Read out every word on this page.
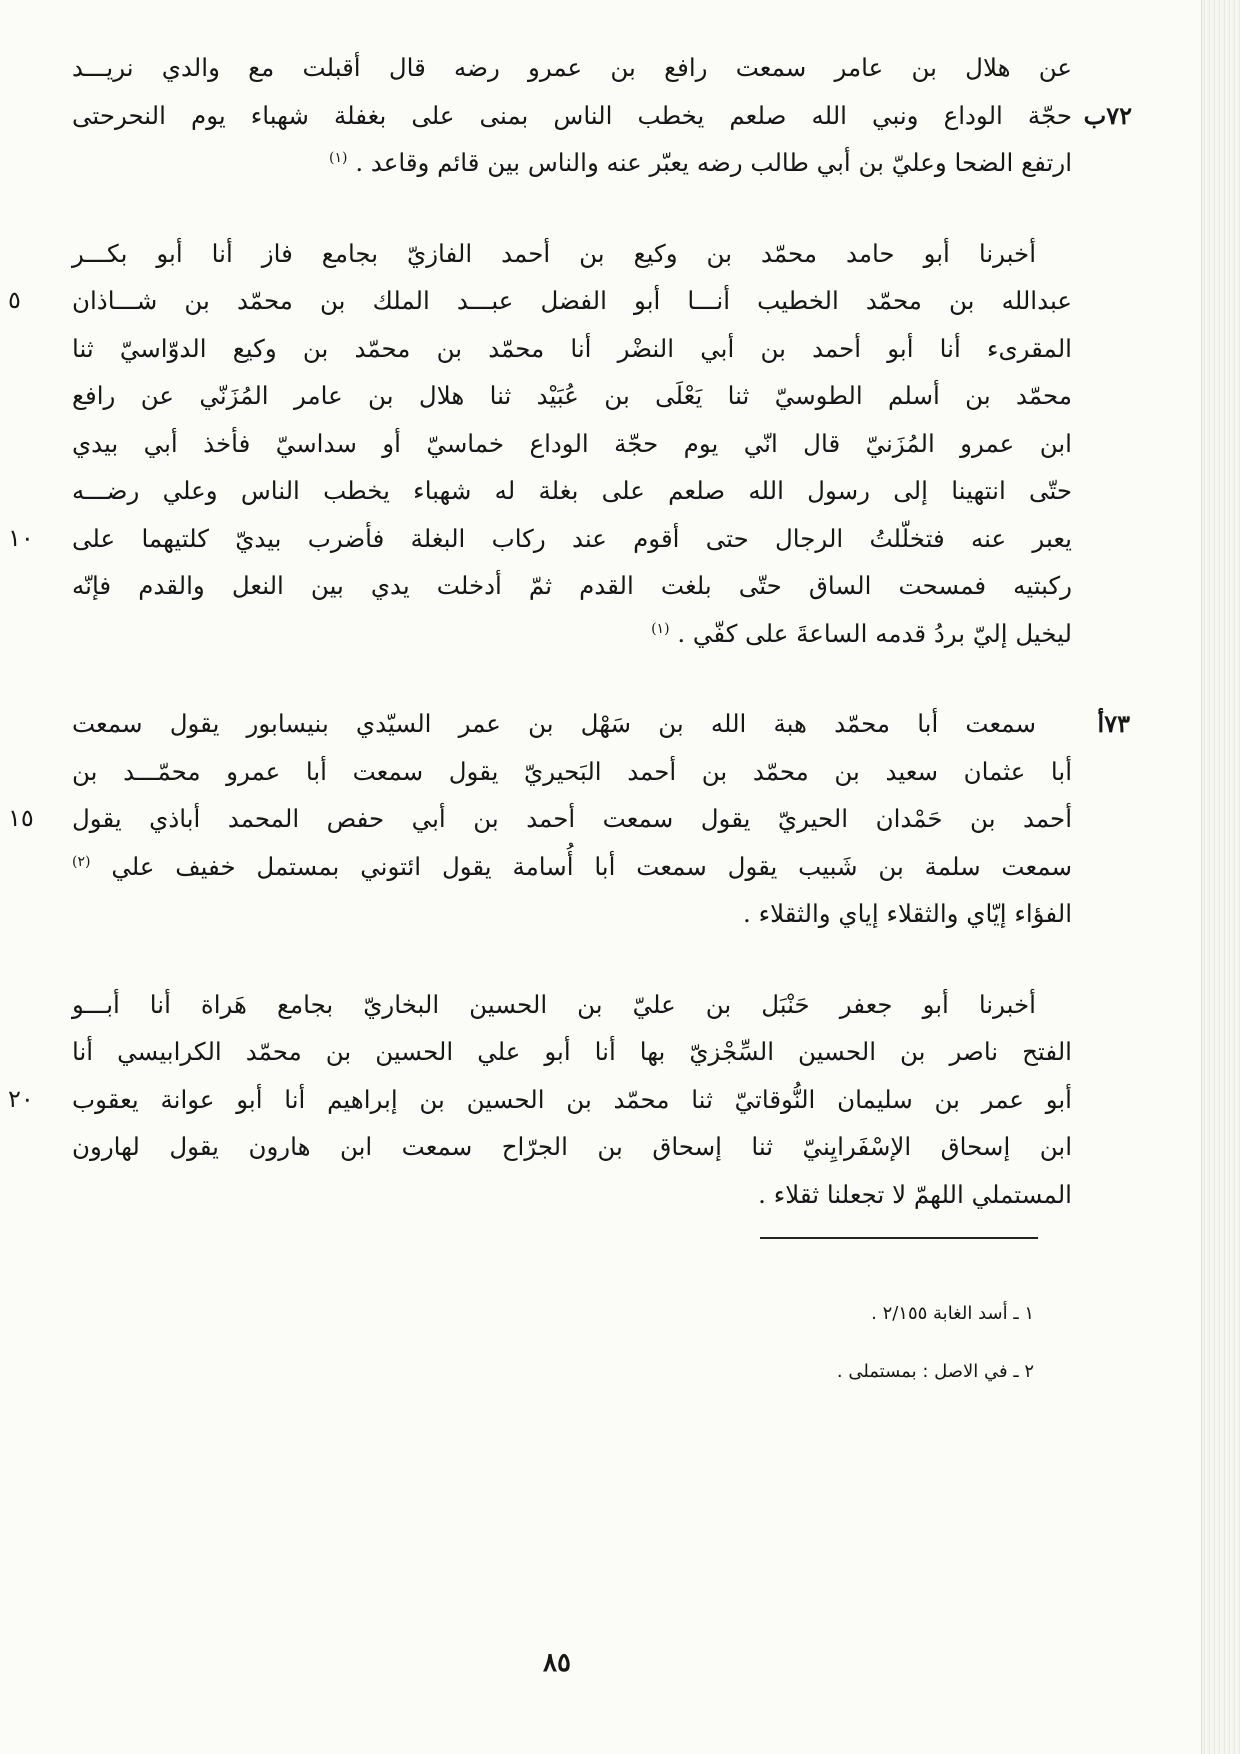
عن هلال بن عامر سمعت رافع بن عمرو رضه قال أقبلت مع والدي نريـــد
٧٢ب
حجّة الوداع ونبي الله صلعم يخطب الناس بمنى على بغفلة شهباء يوم النحرحتى
ارتفع الضحا وعليّ بن أبي طالب رضه يعبّر عنه والناس بين قائم وقاعد . $^{(١)}$
أخبرنا أبو حامد محمّد بن وكيع بن أحمد الفازيّ بجامع فاز أنا أبو بكـــر
عبدالله بن محمّد الخطيب أنـــا أبو الفضل عبـــد الملك بن محمّد بن شـــاذان
٥
المقرىء أنا أبو أحمد بن أبي النضْر أنا محمّد بن محمّد بن وكيع الدوّاسيّ ثنا
محمّد بن أسلم الطوسيّ ثنا يَعْلَى بن عُبَيْد ثنا هلال بن عامر المُزَنّي عن رافع
ابن عمرو المُزَنيّ قال انّي يوم حجّة الوداع خماسيّ أو سداسيّ فأخذ أبي بيدي
حتّى انتهينا إلى رسول الله صلعم على بغلة له شهباء يخطب الناس وعلي رضـــه
يعبر عنه فتخلّلتُ الرجال حتى أقوم عند ركاب البغلة فأضرب بيديّ كلتيهما على
١٠
ركبتيه فمسحت الساق حتّى بلغت القدم ثمّ أدخلت يدي بين النعل والقدم فإنّه
ليخيل إليّ بردُ قدمه الساعةَ على كفّي . $^{(١)}$
٧٣أ
سمعت أبا محمّد هبة الله بن سَهْل بن عمر السيّدي بنيسابور يقول سمعت
أبا عثمان سعيد بن محمّد بن أحمد البَحيريّ يقول سمعت أبا عمرو محمّـــد بن
أحمد بن حَمْدان الحيريّ يقول سمعت أحمد بن أبي حفص المحمد أباذي يقول
١٥
سمعت سلمة بن شَبيب يقول سمعت أبا أُسامة يقول ائتوني بمستمل خفيف علي $^{(٢)}$
الفؤاء إيّاي والثقلاء إياي والثقلاء .
أخبرنا أبو جعفر حَنْبَل بن عليّ بن الحسين البخاريّ بجامع هَراة أنا أبـــو
الفتح ناصر بن الحسين السِّجْزيّ بها أنا أبو علي الحسين بن محمّد الكرابيسي أنا
أبو عمر بن سليمان النُّوقاتيّ ثنا محمّد بن الحسين بن إبراهيم أنا أبو عوانة يعقوب
٢٠
ابن إسحاق الإسْفَرايِنيّ ثنا إسحاق بن الجرّاح سمعت ابن هارون يقول لهارون
المستملي اللهمّ لا تجعلنا ثقلاء .
١ ـ أسد الغابة ٢/١٥٥ .
٢ ـ في الاصل : بمستملى .
٨٥
